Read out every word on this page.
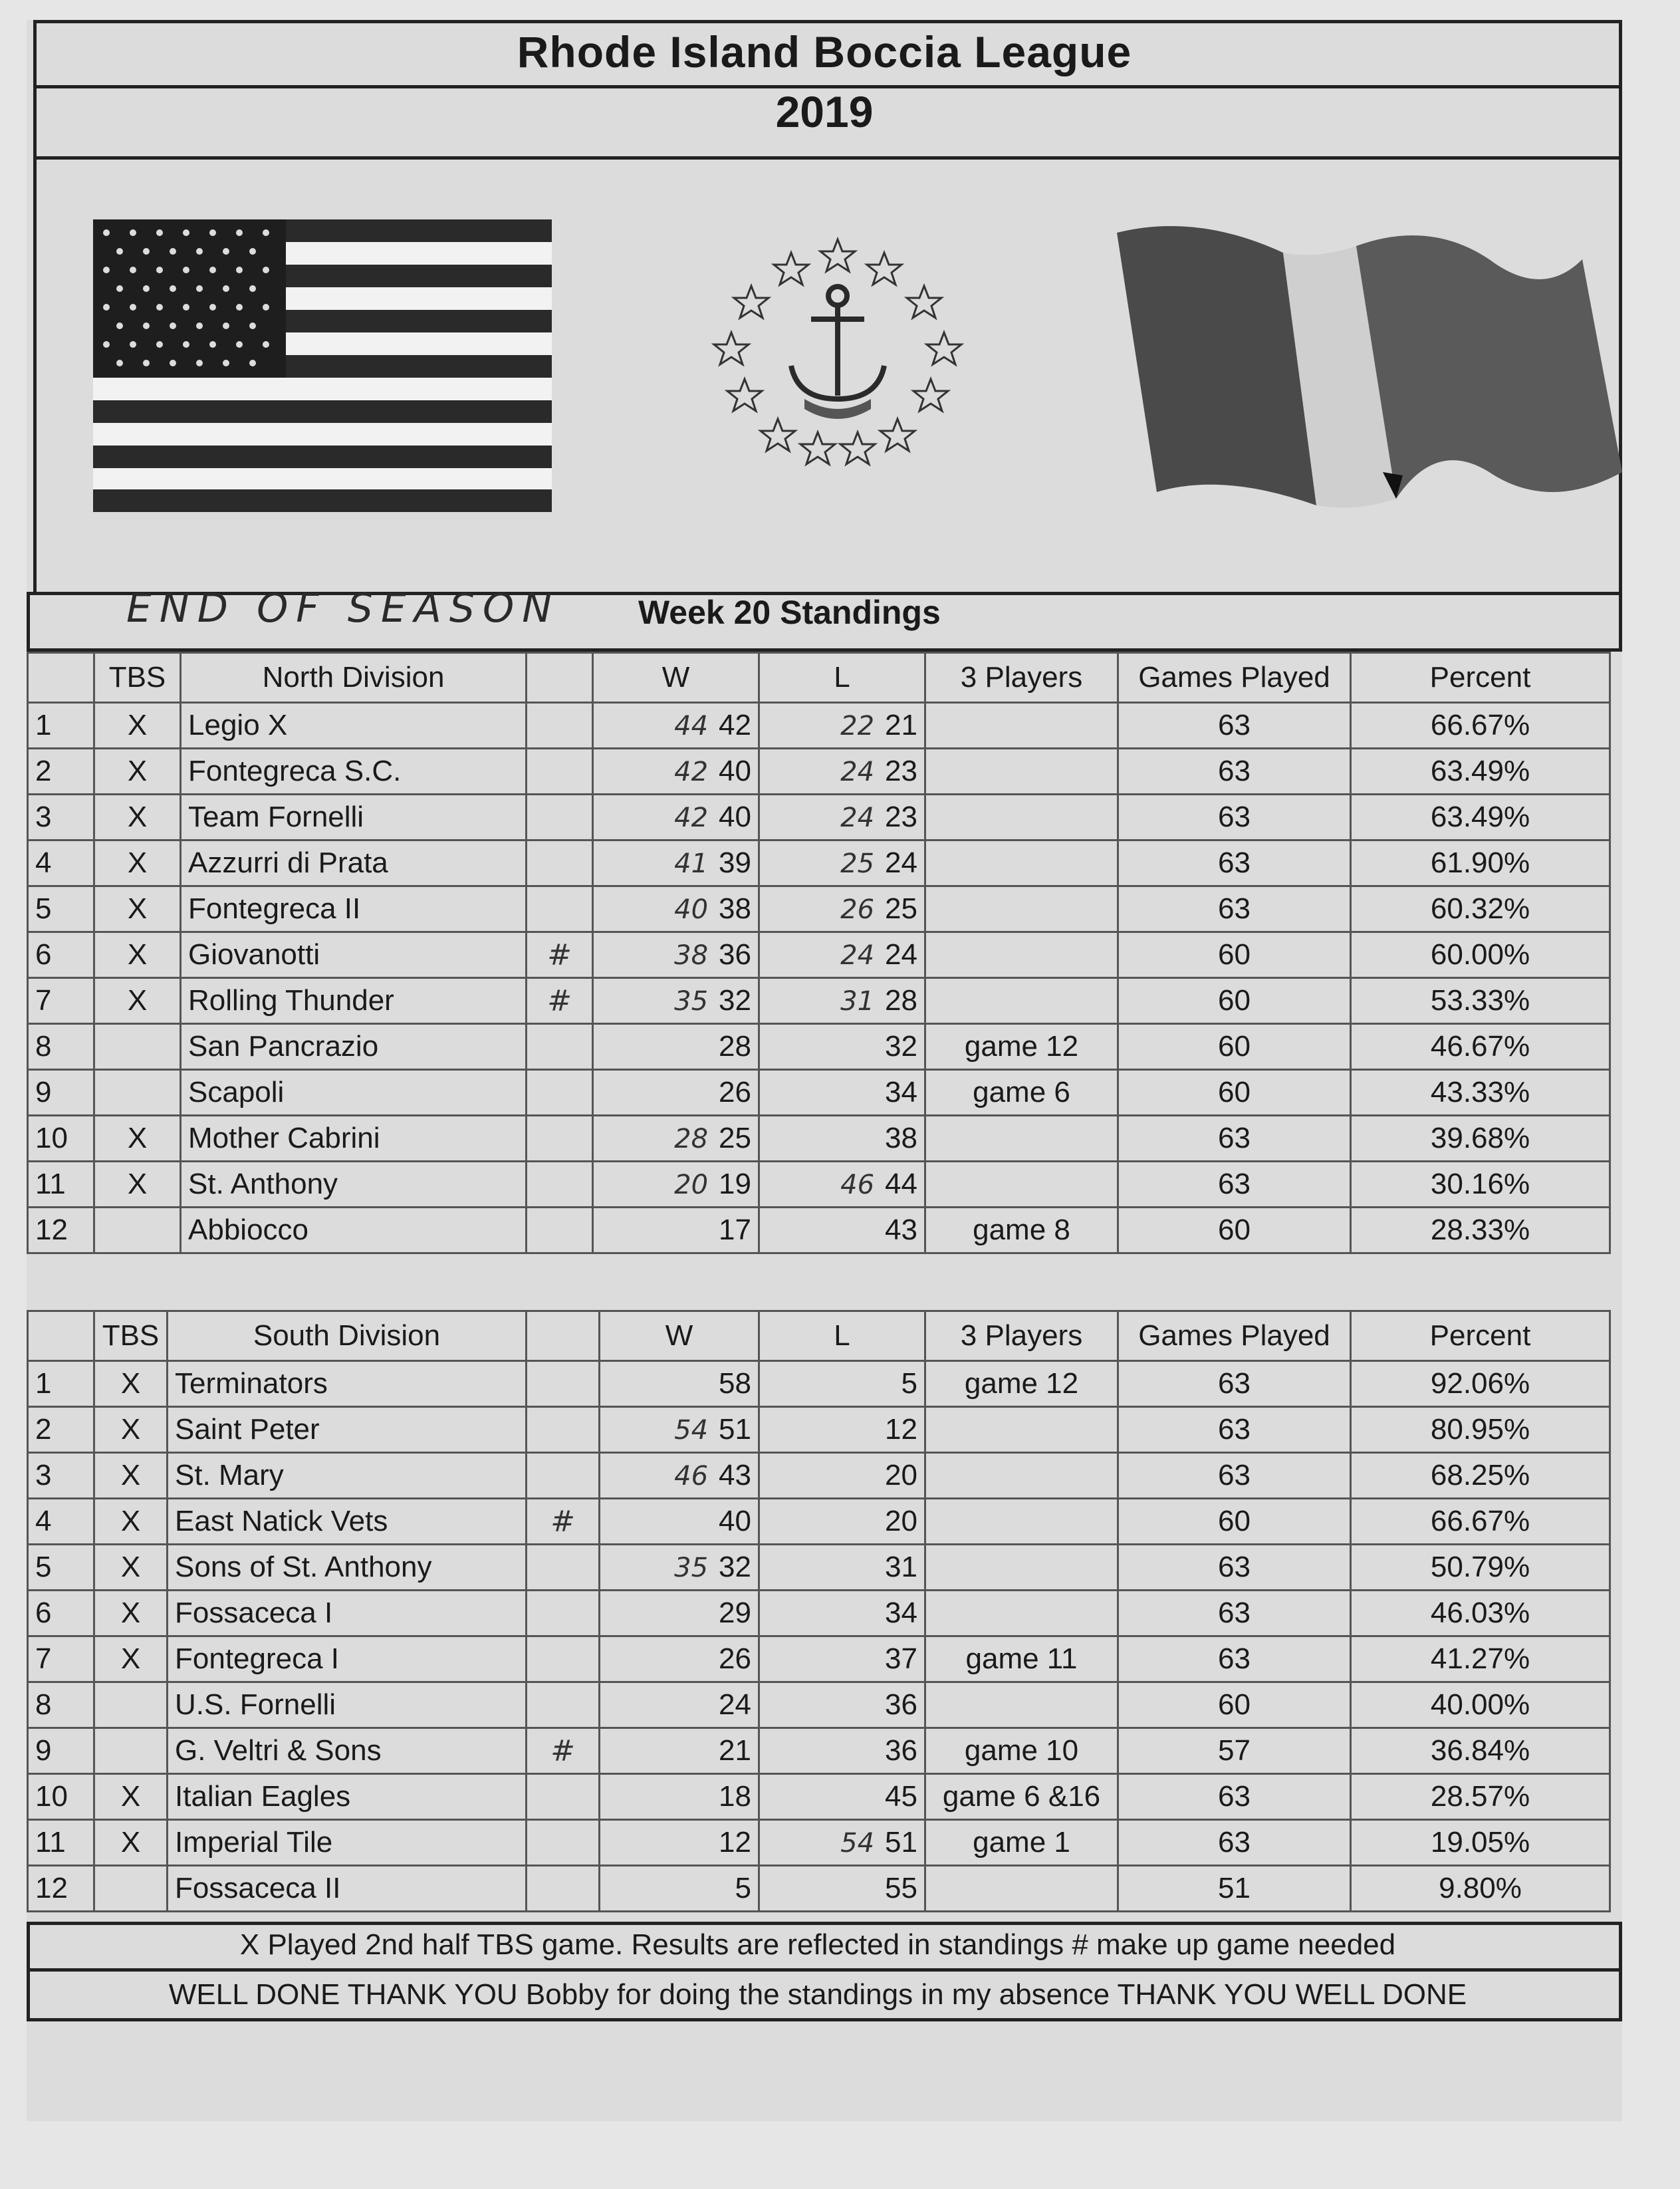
Rhode Island Boccia League
2019
END OF SEASON Week 20 Standings
	TBS	North Division		W	L	3 Players	Games Played	Percent
1	X	Legio X		44 42	22 21		63	66.67%
2	X	Fontegreca S.C.		42 40	24 23		63	63.49%
3	X	Team Fornelli		42 40	24 23		63	63.49%
4	X	Azzurri di Prata		41 39	25 24		63	61.90%
5	X	Fontegreca II		40 38	26 25		63	60.32%
6	X	Giovanotti	#	38 36	24 24		60	60.00%
7	X	Rolling Thunder	#	35 32	31 28		60	53.33%
8		San Pancrazio		28	32	game 12	60	46.67%
9		Scapoli		26	34	game 6	60	43.33%
10	X	Mother Cabrini		28 25	38		63	39.68%
11	X	St. Anthony		20 19	46 44		63	30.16%
12		Abbiocco		17	43	game 8	60	28.33%
	TBS	South Division		W	L	3 Players	Games Played	Percent
1	X	Terminators		58	5	game 12	63	92.06%
2	X	Saint Peter		54 51	12		63	80.95%
3	X	St. Mary		46 43	20		63	68.25%
4	X	East Natick Vets	#	40	20		60	66.67%
5	X	Sons of St. Anthony		35 32	31		63	50.79%
6	X	Fossaceca I		29	34		63	46.03%
7	X	Fontegreca I		26	37	game 11	63	41.27%
8		U.S. Fornelli		24	36		60	40.00%
9		G. Veltri & Sons	#	21	36	game 10	57	36.84%
10	X	Italian Eagles		18	45	game 6 &16	63	28.57%
11	X	Imperial Tile		12	54 51	game 1	63	19.05%
12		Fossaceca II		5	55		51	9.80%
X Played 2nd half TBS game. Results are reflected in standings # make up game needed
WELL DONE THANK YOU Bobby for doing the standings in my absence THANK YOU WELL DONE
